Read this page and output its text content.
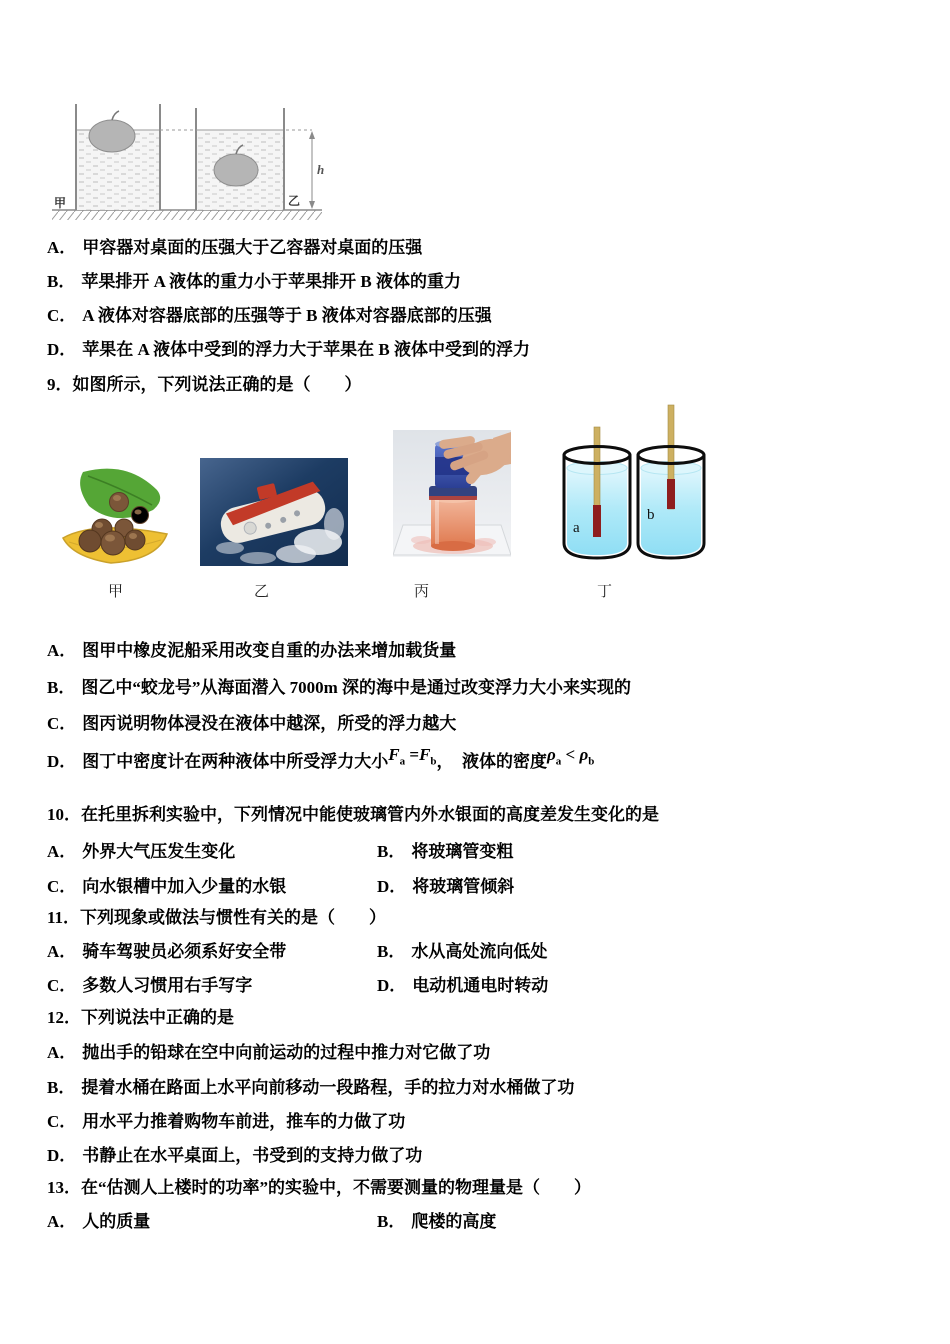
h
甲	乙
A． 甲容器对桌面的压强大于乙容器对桌面的压强
B． 苹果排开 A 液体的重力小于苹果排开 B 液体的重力
C． A 液体对容器底部的压强等于 B 液体对容器底部的压强
D． 苹果在 A 液体中受到的浮力大于苹果在 B 液体中受到的浮力
9．如图所示，下列说法正确的是（　　）
a
b
甲	乙	丙	丁
A． 图甲中橡皮泥船采用改变自重的办法来增加载货量
B． 图乙中“蛟龙号”从海面潜入 7000m 深的海中是通过改变浮力大小来实现的
C． 图丙说明物体浸没在液体中越深，所受的浮力越大
D． 图丁中密度计在两种液体中所受浮力大小$F_a =F_b$，　液体的密度$\rho_a < \rho_b$
10．在托里拆利实验中，下列情况中能使玻璃管内外水银面的高度差发生变化的是
A． 外界大气压发生变化	B． 将玻璃管变粗
C． 向水银槽中加入少量的水银	D． 将玻璃管倾斜
11．下列现象或做法与惯性有关的是（　　）
A． 骑车驾驶员必须系好安全带	B． 水从高处流向低处
C． 多数人习惯用右手写字	D． 电动机通电时转动
12．下列说法中正确的是
A． 抛出手的铅球在空中向前运动的过程中推力对它做了功
B． 提着水桶在路面上水平向前移动一段路程，手的拉力对水桶做了功
C． 用水平力推着购物车前进，推车的力做了功
D． 书静止在水平桌面上，书受到的支持力做了功
13．在“估测人上楼时的功率”的实验中，不需要测量的物理量是（　　）
A． 人的质量	B． 爬楼的高度
